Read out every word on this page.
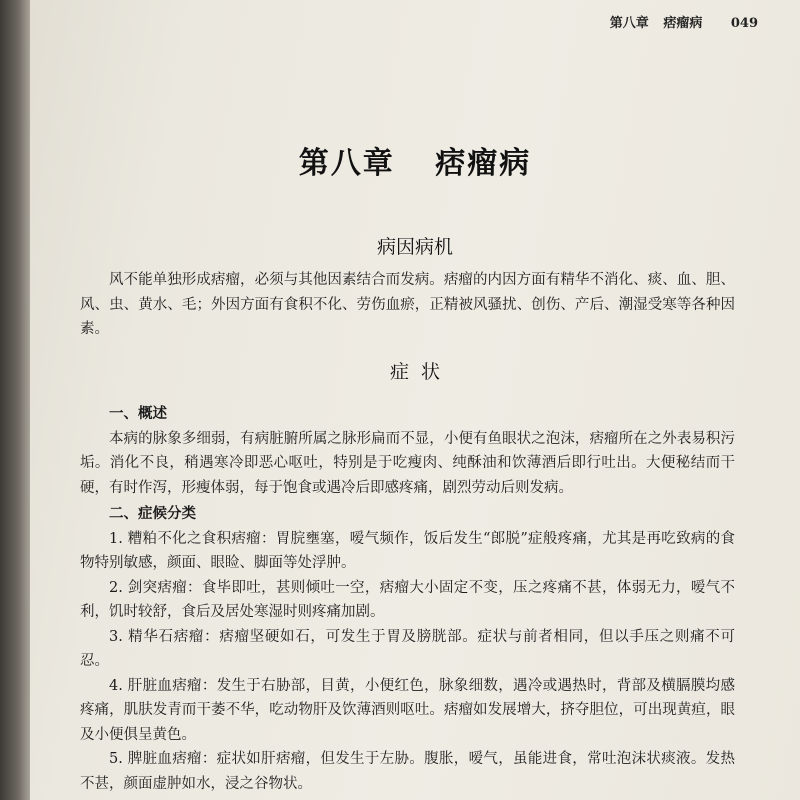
第八章 痞瘤病 049
第八章 痞瘤病
病因病机

风不能单独形成痞瘤，必须与其他因素结合而发病。痞瘤的内因方面有精华不消化、痰、血、胆、风、虫、黄水、毛；外因方面有食积不化、劳伤血瘀，正精被风骚扰、创伤、产后、潮湿受寒等各种因素。

症  状

一、概述

本病的脉象多细弱，有病脏腑所属之脉形扁而不显，小便有鱼眼状之泡沫，痞瘤所在之外表易积污垢。消化不良，稍遇寒冷即恶心呕吐，特别是于吃瘦肉、纯酥油和饮薄酒后即行吐出。大便秘结而干硬，有时作泻，形瘦体弱，每于饱食或遇冷后即感疼痛，剧烈劳动后则发病。

二、症候分类

1. 糟粕不化之食积痞瘤：胃脘壅塞，嗳气频作，饭后发生“郎脱”症般疼痛，尤其是再吃致病的食物特别敏感，颜面、眼睑、脚面等处浮肿。

2. 剑突痞瘤：食毕即吐，甚则倾吐一空，痞瘤大小固定不变，压之疼痛不甚，体弱无力，嗳气不利，饥时较舒，食后及居处寒湿时则疼痛加剧。

3. 精华石痞瘤：痞瘤坚硬如石，可发生于胃及膀胱部。症状与前者相同，但以手压之则痛不可忍。

4. 肝脏血痞瘤：发生于右胁部，目黄，小便红色，脉象细数，遇冷或遇热时，背部及横膈膜均感疼痛，肌肤发青而干萎不华，吃动物肝及饮薄酒则呕吐。痞瘤如发展增大，挤夺胆位，可出现黄疸，眼及小便俱呈黄色。

5. 脾脏血痞瘤：症状如肝痞瘤，但发生于左胁。腹胀，嗳气，虽能进食，常吐泡沫状痰液。发热不甚，颜面虚肿如水，浸之谷物状。
